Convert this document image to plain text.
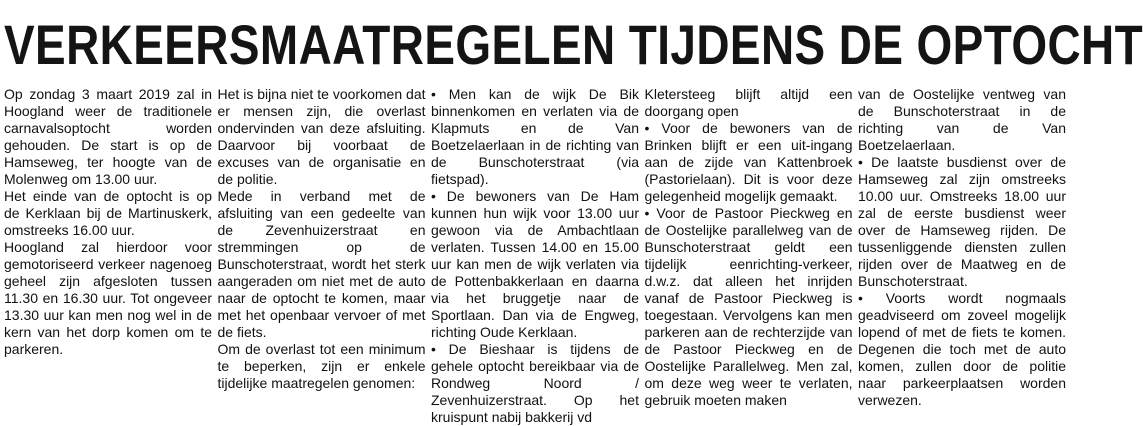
VERKEERSMAATREGELEN TIJDENS DE OPTOCHT

Op zondag 3 maart 2019 zal in Hoogland weer de traditionele carnavalsoptocht worden gehouden. De start is op de Hamseweg, ter hoogte van de Molenweg om 13.00 uur.

Het einde van de optocht is op de Kerklaan bij de Martinuskerk, omstreeks 16.00 uur.

Hoogland zal hierdoor voor gemotoriseerd verkeer nagenoeg geheel zijn afgesloten tussen 11.30 en 16.30 uur. Tot ongeveer 13.30 uur kan men nog wel in de kern van het dorp komen om te parkeren.

Het is bijna niet te voorkomen dat er mensen zijn, die overlast ondervinden van deze afsluiting. Daarvoor bij voorbaat de excuses van de organisatie en de politie.

Mede in verband met de afsluiting van een gedeelte van de Zevenhuizerstraat en stremmingen op de Bunschoterstraat, wordt het sterk aangeraden om niet met de auto naar de optocht te komen, maar met het openbaar vervoer of met de fiets.

Om de overlast tot een minimum te beperken, zijn er enkele tijdelijke maatregelen genomen:

• Men kan de wijk De Bik binnenkomen en verlaten via de Klapmuts en de Van Boetzelaerlaan in de richting van de Bunschoterstraat (via fietspad).

• De bewoners van De Ham kunnen hun wijk voor 13.00 uur gewoon via de Ambachtlaan verlaten. Tussen 14.00 en 15.00 uur kan men de wijk verlaten via de Pottenbakkerlaan en daarna via het bruggetje naar de Sportlaan. Dan via de Engweg, richting Oude Kerklaan.

• De Bieshaar is tijdens de gehele optocht bereikbaar via de Rondweg Noord / Zevenhuizerstraat. Op het kruispunt nabij bakkerij vd

Kletersteeg blijft altijd een doorgang open

• Voor de bewoners van de Brinken blijft er een uit-ingang aan de zijde van Kattenbroek (Pastorielaan). Dit is voor deze gelegenheid mogelijk gemaakt.

• Voor de Pastoor Pieckweg en de Oostelijke parallelweg van de Bunschoterstraat geldt een tijdelijk eenrichting-verkeer, d.w.z. dat alleen het inrijden vanaf de Pastoor Pieckweg is toegestaan. Vervolgens kan men parkeren aan de rechterzijde van de Pastoor Pieckweg en de Oostelijke Parallelweg. Men zal, om deze weg weer te verlaten, gebruik moeten maken

van de Oostelijke ventweg van de Bunschoterstraat in de richting van de Van Boetzelaerlaan.

• De laatste busdienst over de Hamseweg zal zijn omstreeks 10.00 uur. Omstreeks 18.00 uur zal de eerste busdienst weer over de Hamseweg rijden. De tussenliggende diensten zullen rijden over de Maatweg en de Bunschoterstraat.

• Voorts wordt nogmaals geadviseerd om zoveel mogelijk lopend of met de fiets te komen. Degenen die toch met de auto komen, zullen door de politie naar parkeerplaatsen worden verwezen.
